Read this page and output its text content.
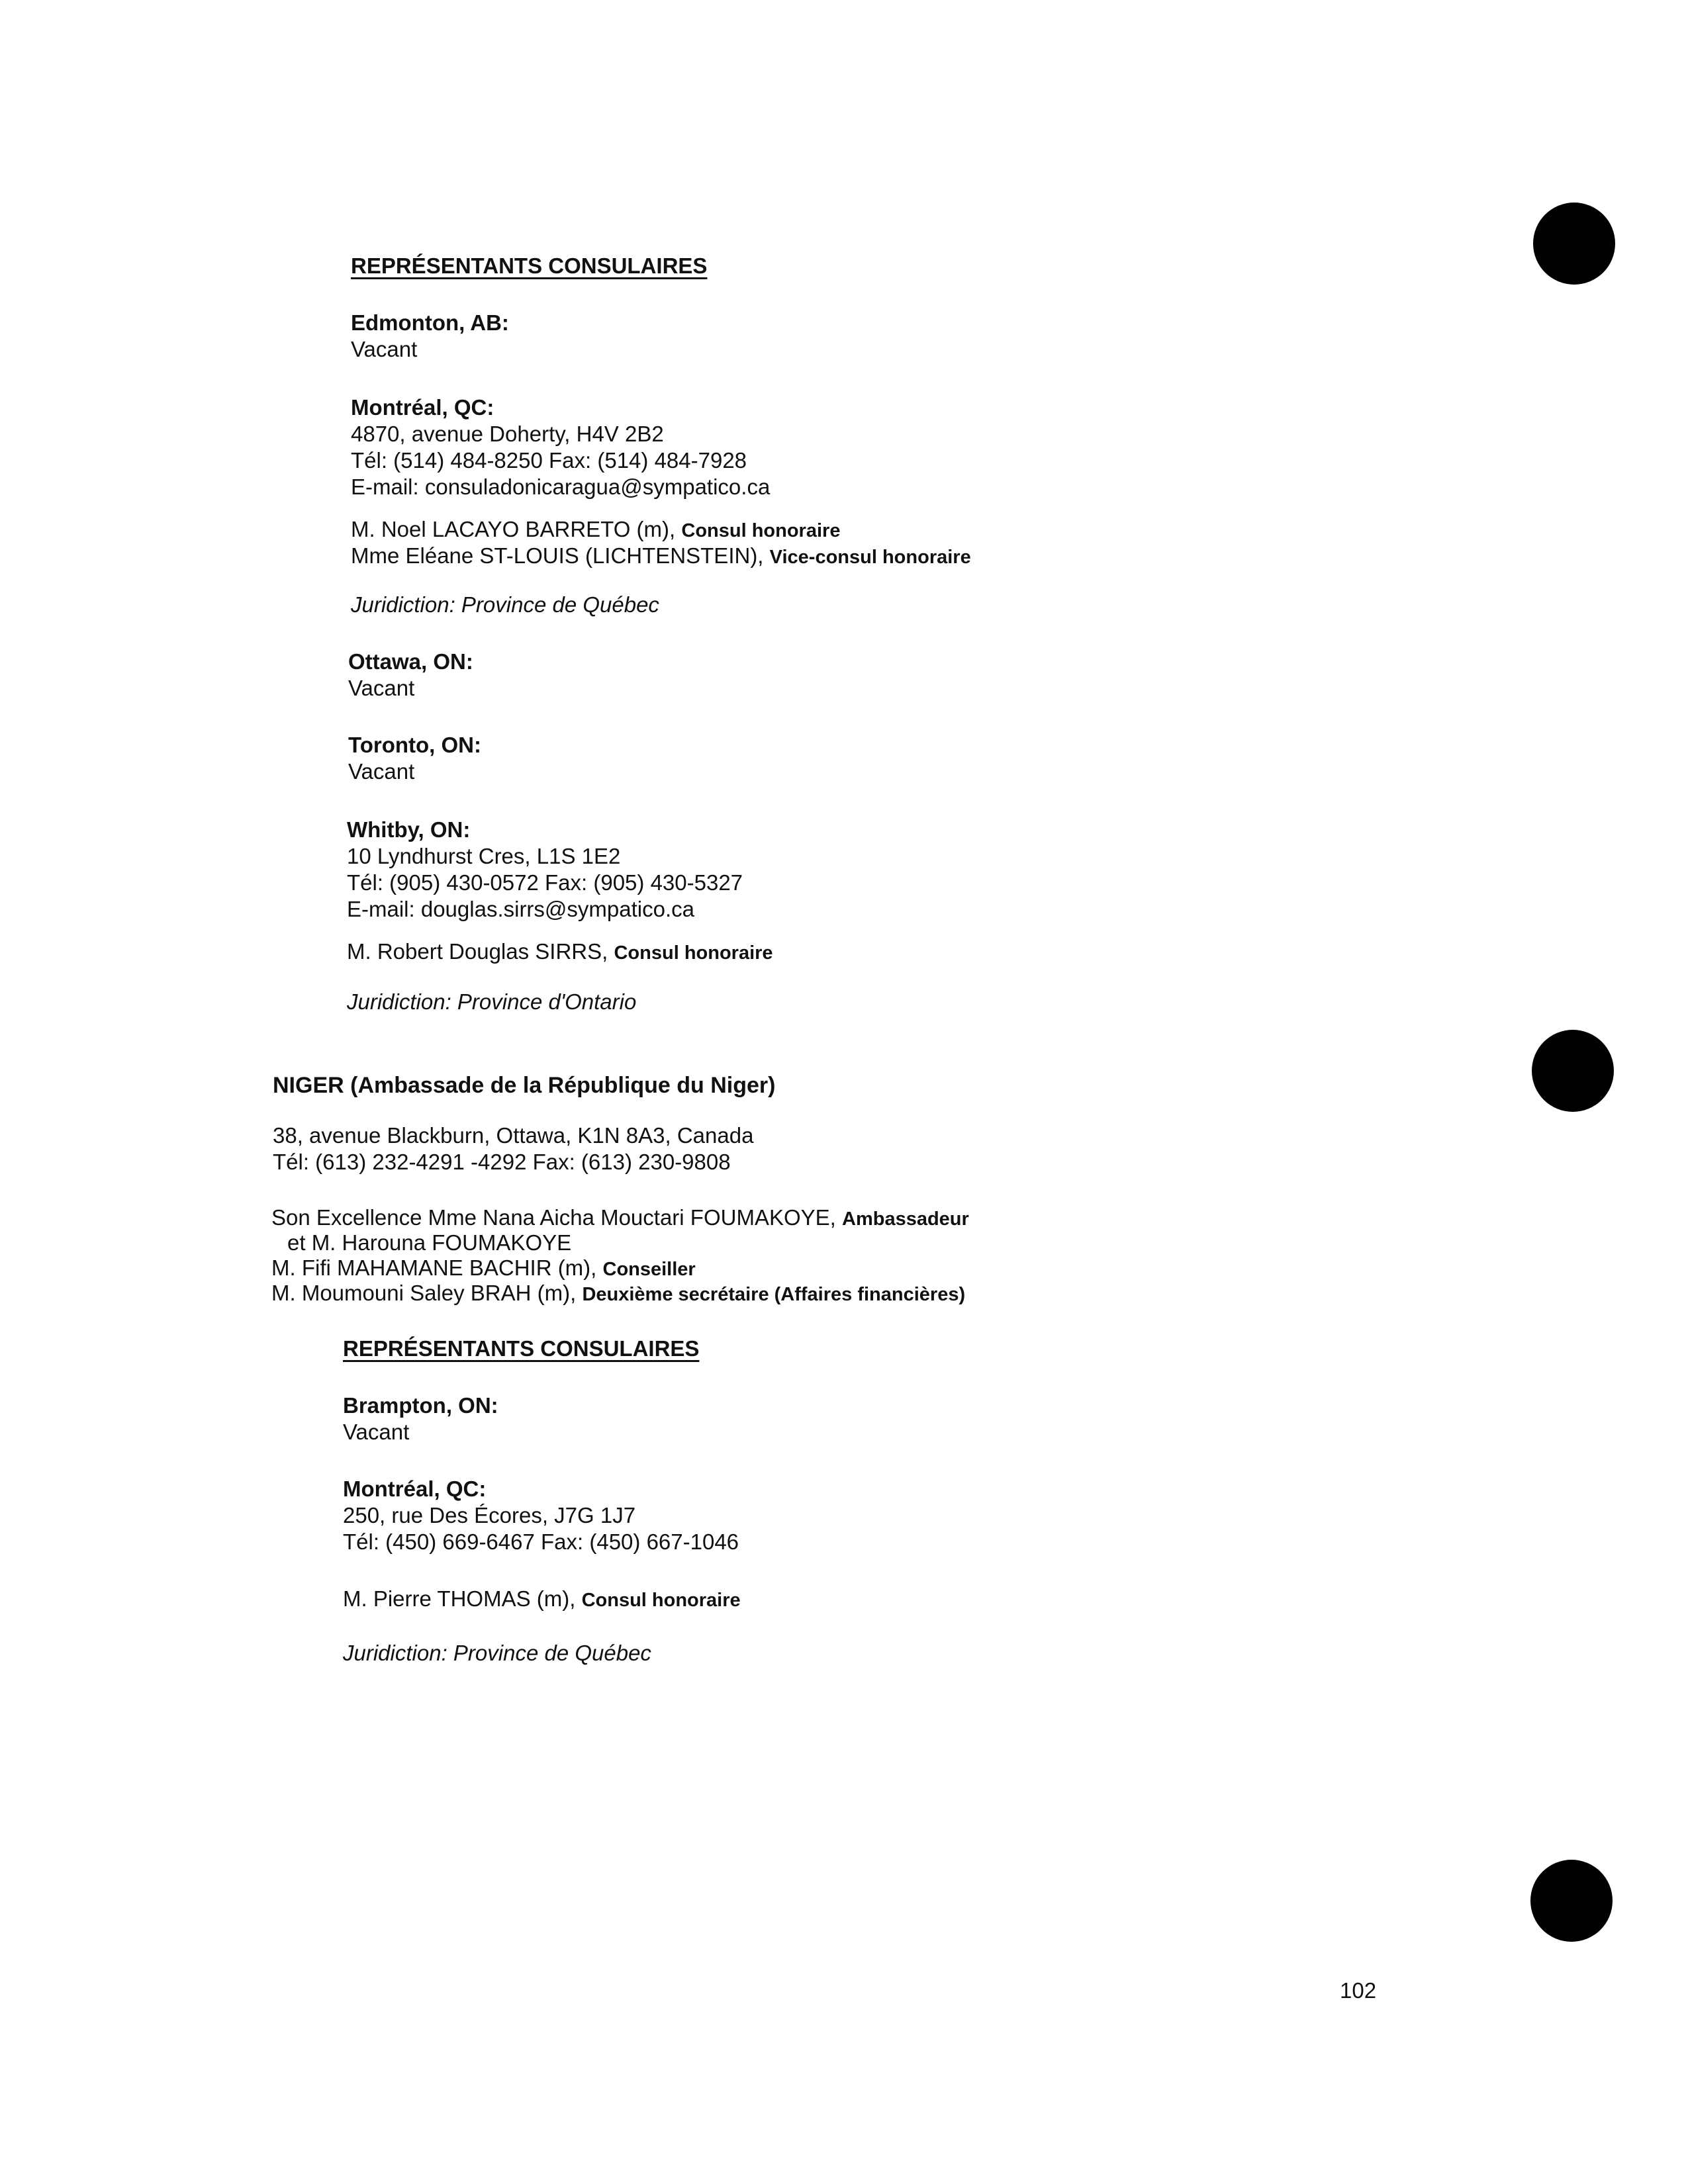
REPRÉSENTANTS CONSULAIRES
Edmonton, AB:
Vacant
Montréal, QC:
4870, avenue Doherty, H4V 2B2
Tél: (514) 484-8250 Fax: (514) 484-7928
E-mail: consuladonicaragua@sympatico.ca
M. Noel LACAYO BARRETO (m), Consul honoraire
Mme Eléane ST-LOUIS (LICHTENSTEIN), Vice-consul honoraire
Juridiction: Province de Québec
Ottawa, ON:
Vacant
Toronto, ON:
Vacant
Whitby, ON:
10 Lyndhurst Cres, L1S 1E2
Tél: (905) 430-0572 Fax: (905) 430-5327
E-mail: douglas.sirrs@sympatico.ca
M. Robert Douglas SIRRS, Consul honoraire
Juridiction: Province d'Ontario
NIGER (Ambassade de la République du Niger)
38, avenue Blackburn, Ottawa, K1N 8A3, Canada
Tél: (613) 232-4291 -4292 Fax: (613) 230-9808
Son Excellence Mme Nana Aicha Mouctari FOUMAKOYE, Ambassadeur
et M. Harouna FOUMAKOYE
M. Fifi MAHAMANE BACHIR (m), Conseiller
M. Moumouni Saley BRAH (m), Deuxième secrétaire (Affaires financières)
REPRÉSENTANTS CONSULAIRES
Brampton, ON:
Vacant
Montréal, QC:
250, rue Des Écores, J7G 1J7
Tél: (450) 669-6467 Fax: (450) 667-1046
M. Pierre THOMAS (m), Consul honoraire
Juridiction: Province de Québec
102
